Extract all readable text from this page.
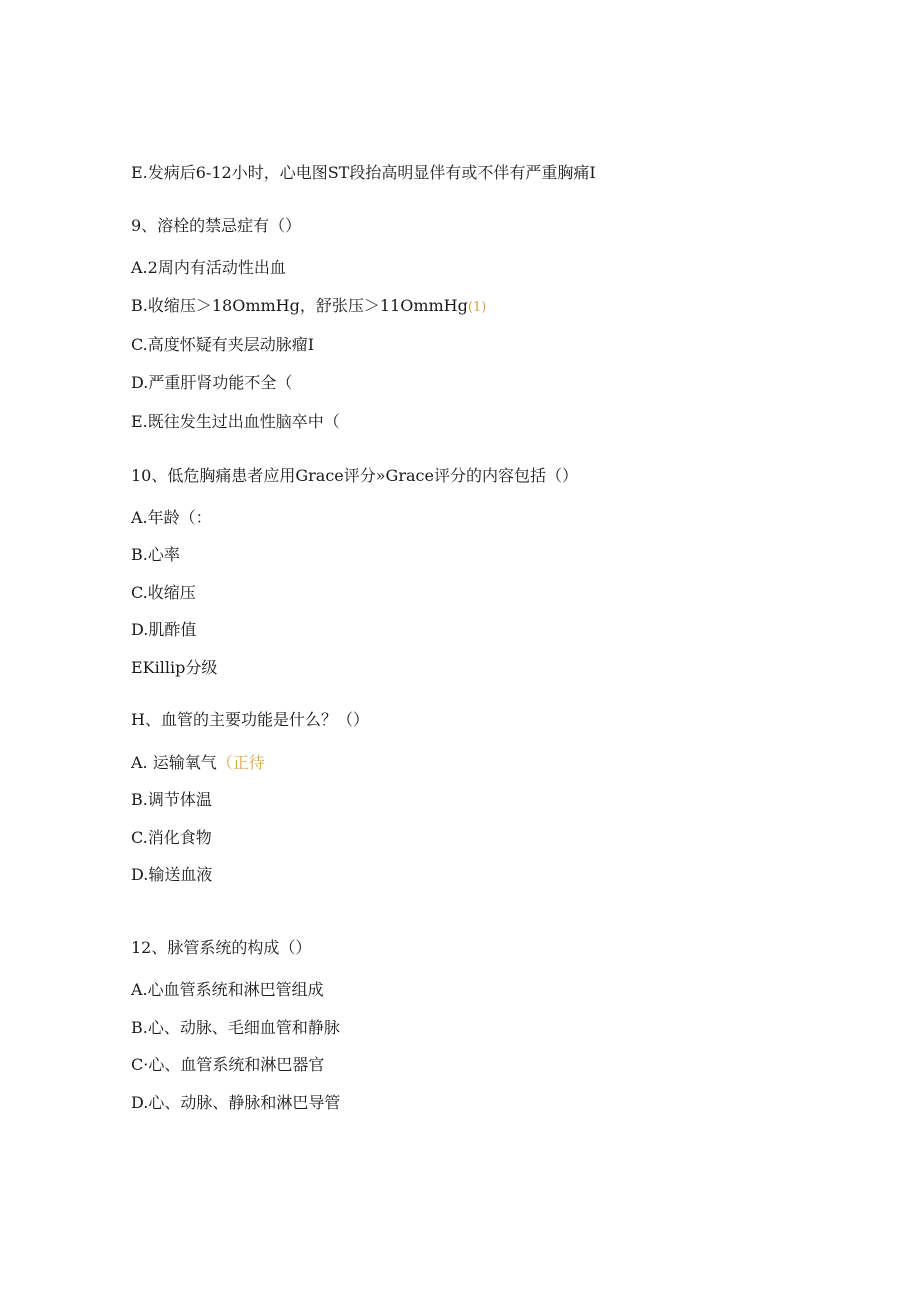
E.发病后6-12小时，心电图ST段抬高明显伴有或不伴有严重胸痛I
9、溶栓的禁忌症有（）
A.2周内有活动性出血
B.收缩压＞18OmmHg，舒张压＞11OmmHg(1)
C.高度怀疑有夹层动脉瘤I
D.严重肝肾功能不全（
E.既往发生过出血性脑卒中（
10、低危胸痛患者应用Grace评分»Grace评分的内容包括（）
A.年龄（：
B.心率
C.收缩压
D.肌酢值
EKillip分级
H、血管的主要功能是什么？（）
A. 运输氧气（正待
B.调节体温
C.消化食物
D.输送血液
12、脉管系统的构成（）
A.心血管系统和淋巴管组成
B.心、动脉、毛细血管和静脉
C·心、血管系统和淋巴器官
D.心、动脉、静脉和淋巴导管
